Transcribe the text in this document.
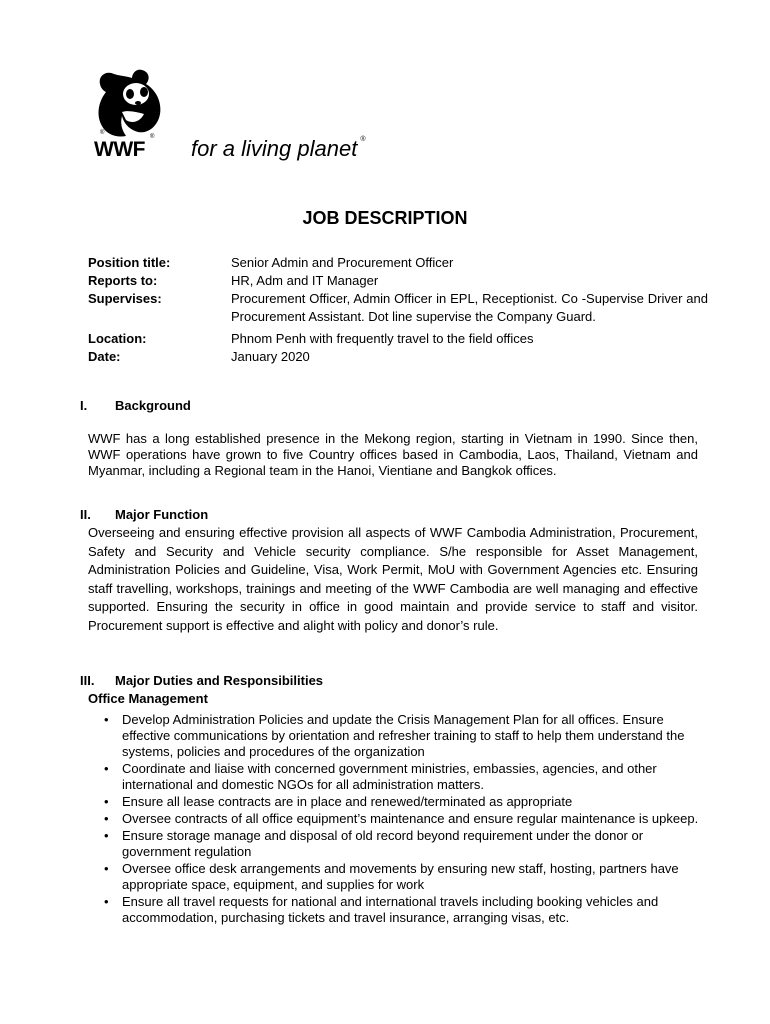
WWF
®
® for a living planet ®
JOB DESCRIPTION
Position title:	Senior Admin and Procurement Officer
Reports to:	HR, Adm and IT Manager
Supervises:	Procurement Officer, Admin Officer in EPL, Receptionist. Co -Supervise Driver and Procurement Assistant. Dot line supervise the Company Guard.
Location:	Phnom Penh with frequently travel to the field offices
Date:	January 2020
I. Background
WWF has a long established presence in the Mekong region, starting in Vietnam in 1990. Since then, WWF operations have grown to five Country offices based in Cambodia, Laos, Thailand, Vietnam and Myanmar, including a Regional team in the Hanoi, Vientiane and Bangkok offices.
II. Major Function
Overseeing and ensuring effective provision all aspects of WWF Cambodia Administration, Procurement, Safety and Security and Vehicle security compliance. S/he responsible for Asset Management, Administration Policies and Guideline, Visa, Work Permit, MoU with Government Agencies etc. Ensuring staff travelling, workshops, trainings and meeting of the WWF Cambodia are well managing and effective supported. Ensuring the security in office in good maintain and provide service to staff and visitor. Procurement support is effective and alight with policy and donor’s rule.
III. Major Duties and Responsibilities
Office Management
• Develop Administration Policies and update the Crisis Management Plan for all offices. Ensure effective communications by orientation and refresher training to staff to help them understand the systems, policies and procedures of the organization
• Coordinate and liaise with concerned government ministries, embassies, agencies, and other international and domestic NGOs for all administration matters.
• Ensure all lease contracts are in place and renewed/terminated as appropriate
• Oversee contracts of all office equipment’s maintenance and ensure regular maintenance is upkeep.
• Ensure storage manage and disposal of old record beyond requirement under the donor or government regulation
• Oversee office desk arrangements and movements by ensuring new staff, hosting, partners have appropriate space, equipment, and supplies for work
• Ensure all travel requests for national and international travels including booking vehicles and accommodation, purchasing tickets and travel insurance, arranging visas, etc.
